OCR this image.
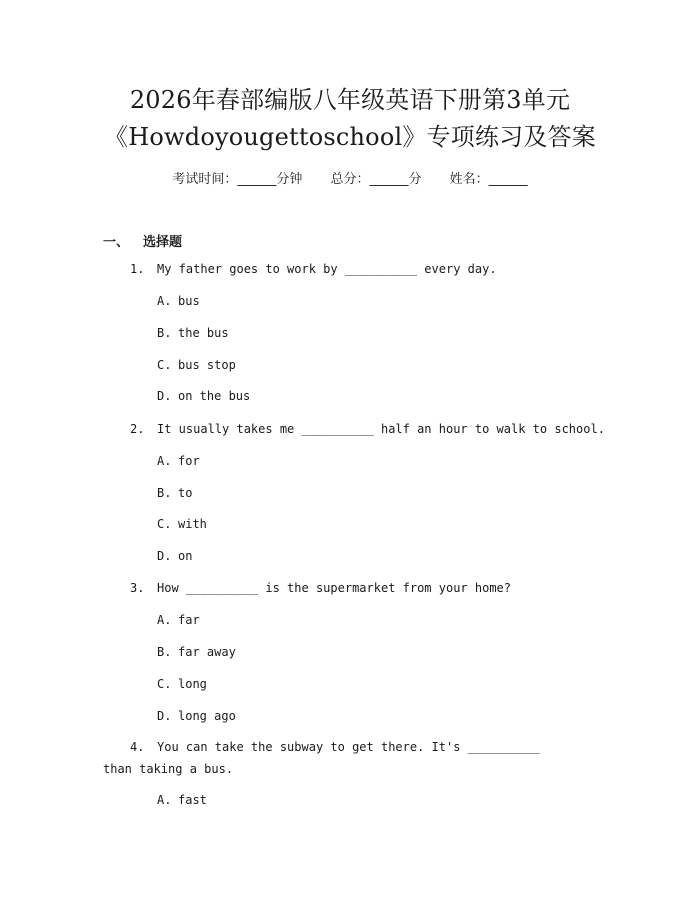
2026年春部编版八年级英语下册第3单元
《Howdoyougettoschool》专项练习及答案
考试时间：______分钟 总分：______分 姓名：______
一、 选择题
1. My father goes to work by __________ every day.
A. bus
B. the bus
C. bus stop
D. on the bus
2. It usually takes me __________ half an hour to walk to school.
A. for
B. to
C. with
D. on
3. How __________ is the supermarket from your home?
A. far
B. far away
C. long
D. long ago
4. You can take the subway to get there. It's __________ than taking a bus.
A. fast
